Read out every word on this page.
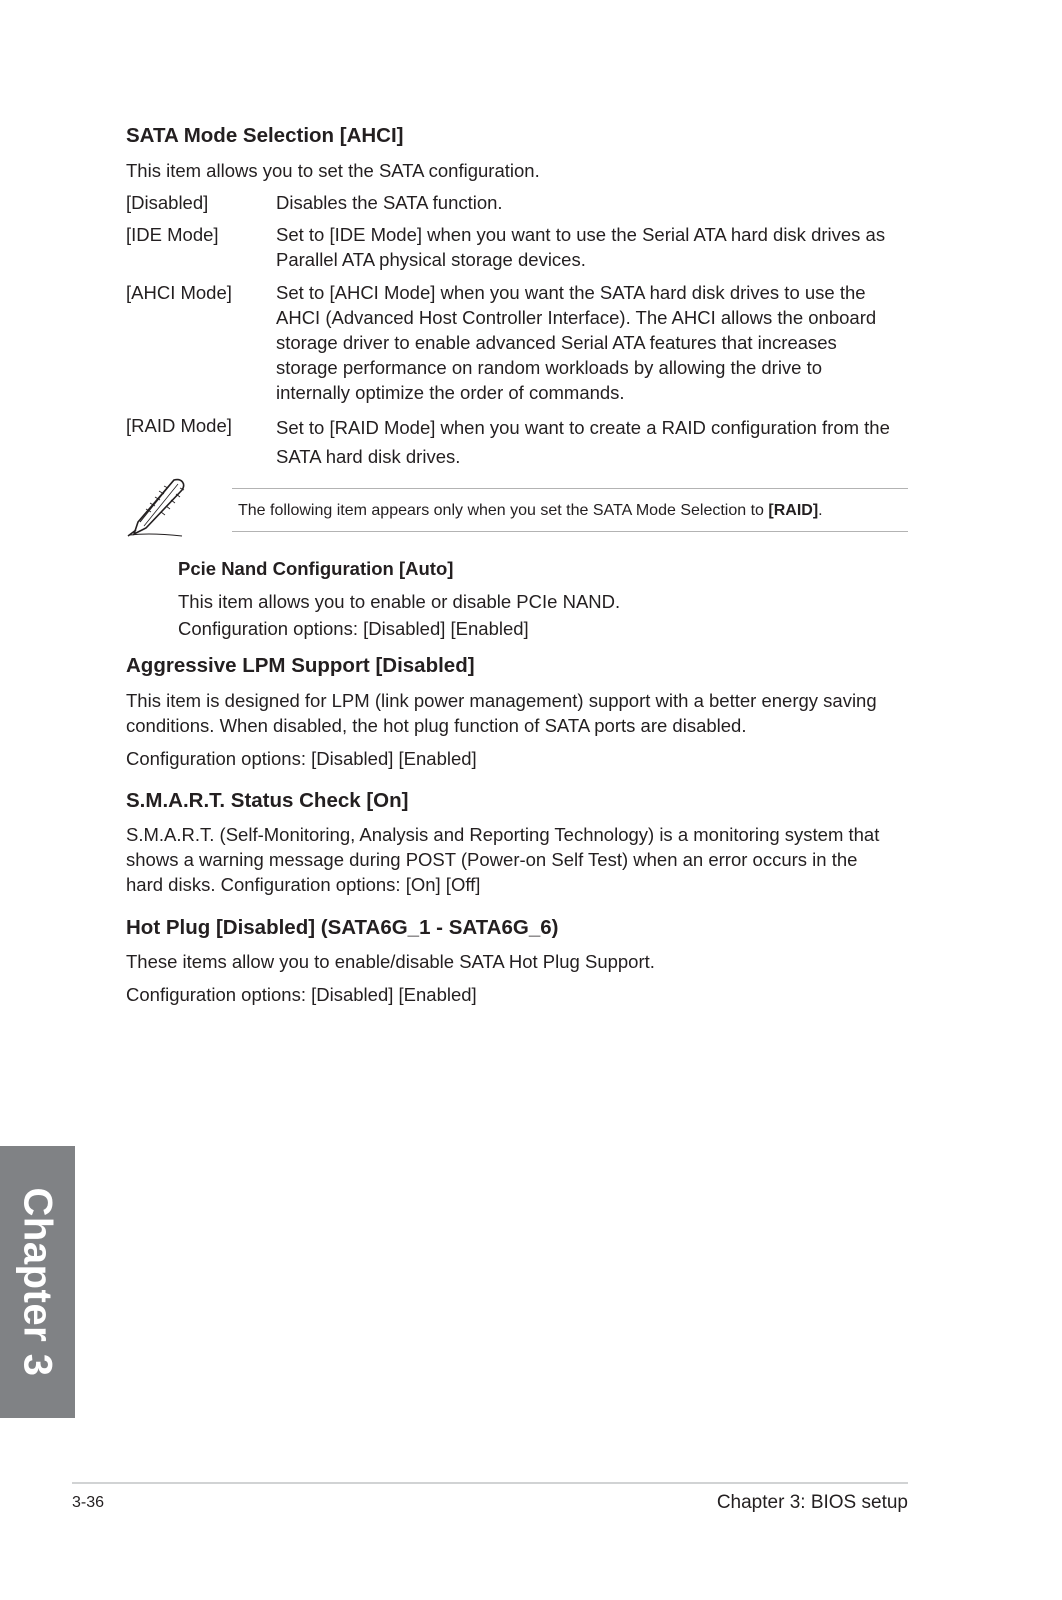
SATA Mode Selection [AHCI]
This item allows you to set the SATA configuration.
[Disabled]	Disables the SATA function.
[IDE Mode]	Set to [IDE Mode] when you want to use the Serial ATA hard disk drives as
Parallel ATA physical storage devices.
[AHCI Mode] Set to [AHCI Mode] when you want the SATA hard disk drives to use the
AHCI (Advanced Host Controller Interface). The AHCI allows the onboard
storage driver to enable advanced Serial ATA features that increases
storage performance on random workloads by allowing the drive to
internally optimize the order of commands.
[RAID Mode] Set to [RAID Mode] when you want to create a RAID configuration from the
SATA hard disk drives.
The following item appears only when you set the SATA Mode Selection to [RAID].
Pcie Nand Configuration [Auto]
This item allows you to enable or disable PCIe NAND.
Configuration options: [Disabled] [Enabled]
Aggressive LPM Support [Disabled]
This item is designed for LPM (link power management) support with a better energy saving
conditions. When disabled, the hot plug function of SATA ports are disabled.
Configuration options: [Disabled] [Enabled]
S.M.A.R.T. Status Check [On]
S.M.A.R.T. (Self-Monitoring, Analysis and Reporting Technology) is a monitoring system that
shows a warning message during POST (Power-on Self Test) when an error occurs in the
hard disks. Configuration options: [On] [Off]
Hot Plug [Disabled] (SATA6G_1 - SATA6G_6)
These items allow you to enable/disable SATA Hot Plug Support.
Configuration options: [Disabled] [Enabled]
Chapter 3
3-36	Chapter 3: BIOS setup
